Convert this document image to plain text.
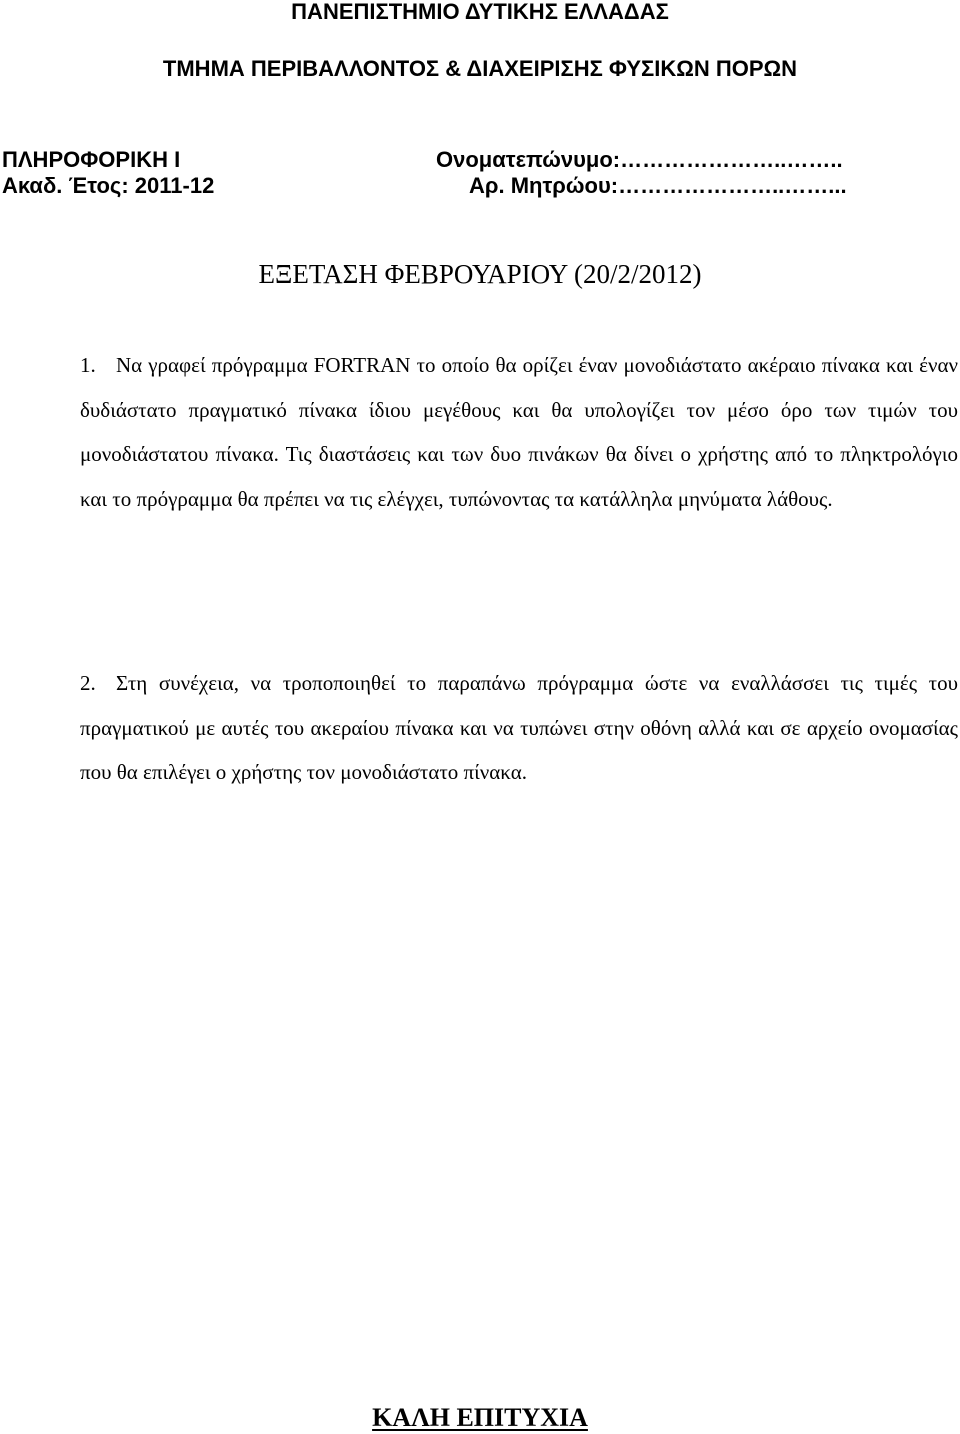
ΠΑΝΕΠΙΣΤΗΜΙΟ ΔΥΤΙΚΗΣ ΕΛΛΑΔΑΣ
ΤΜΗΜΑ ΠΕΡΙΒΑΛΛΟΝΤΟΣ & ΔΙΑΧΕΙΡΙΣΗΣ ΦΥΣΙΚΩΝ ΠΟΡΩΝ
ΠΛΗΡΟΦΟΡΙΚΗ Ι
Ακαδ. Έτος: 2011-12
Ονοματεπώνυμο:…………………..……..
Αρ. Μητρώου:…………………..……...
ΕΞΕΤΑΣΗ ΦΕΒΡΟΥΑΡΙΟΥ (20/2/2012)
1. Να γραφεί πρόγραμμα FORTRAN το οποίο θα ορίζει έναν μονοδιάστατο ακέραιο πίνακα και έναν δυδιάστατο πραγματικό πίνακα ίδιου μεγέθους και θα υπολογίζει τον μέσο όρο των τιμών του μονοδιάστατου πίνακα. Τις διαστάσεις και των δυο πινάκων θα δίνει ο χρήστης από το πληκτρολόγιο και το πρόγραμμα θα πρέπει να τις ελέγχει, τυπώνοντας τα κατάλληλα μηνύματα λάθους.
2. Στη συνέχεια, να τροποποιηθεί το παραπάνω πρόγραμμα ώστε να εναλλάσσει τις τιμές του πραγματικού με αυτές του ακεραίου πίνακα και να τυπώνει στην οθόνη αλλά και σε αρχείο ονομασίας που θα επιλέγει ο χρήστης τον μονοδιάστατο πίνακα.
ΚΑΛΗ ΕΠΙΤΥΧΙΑ
